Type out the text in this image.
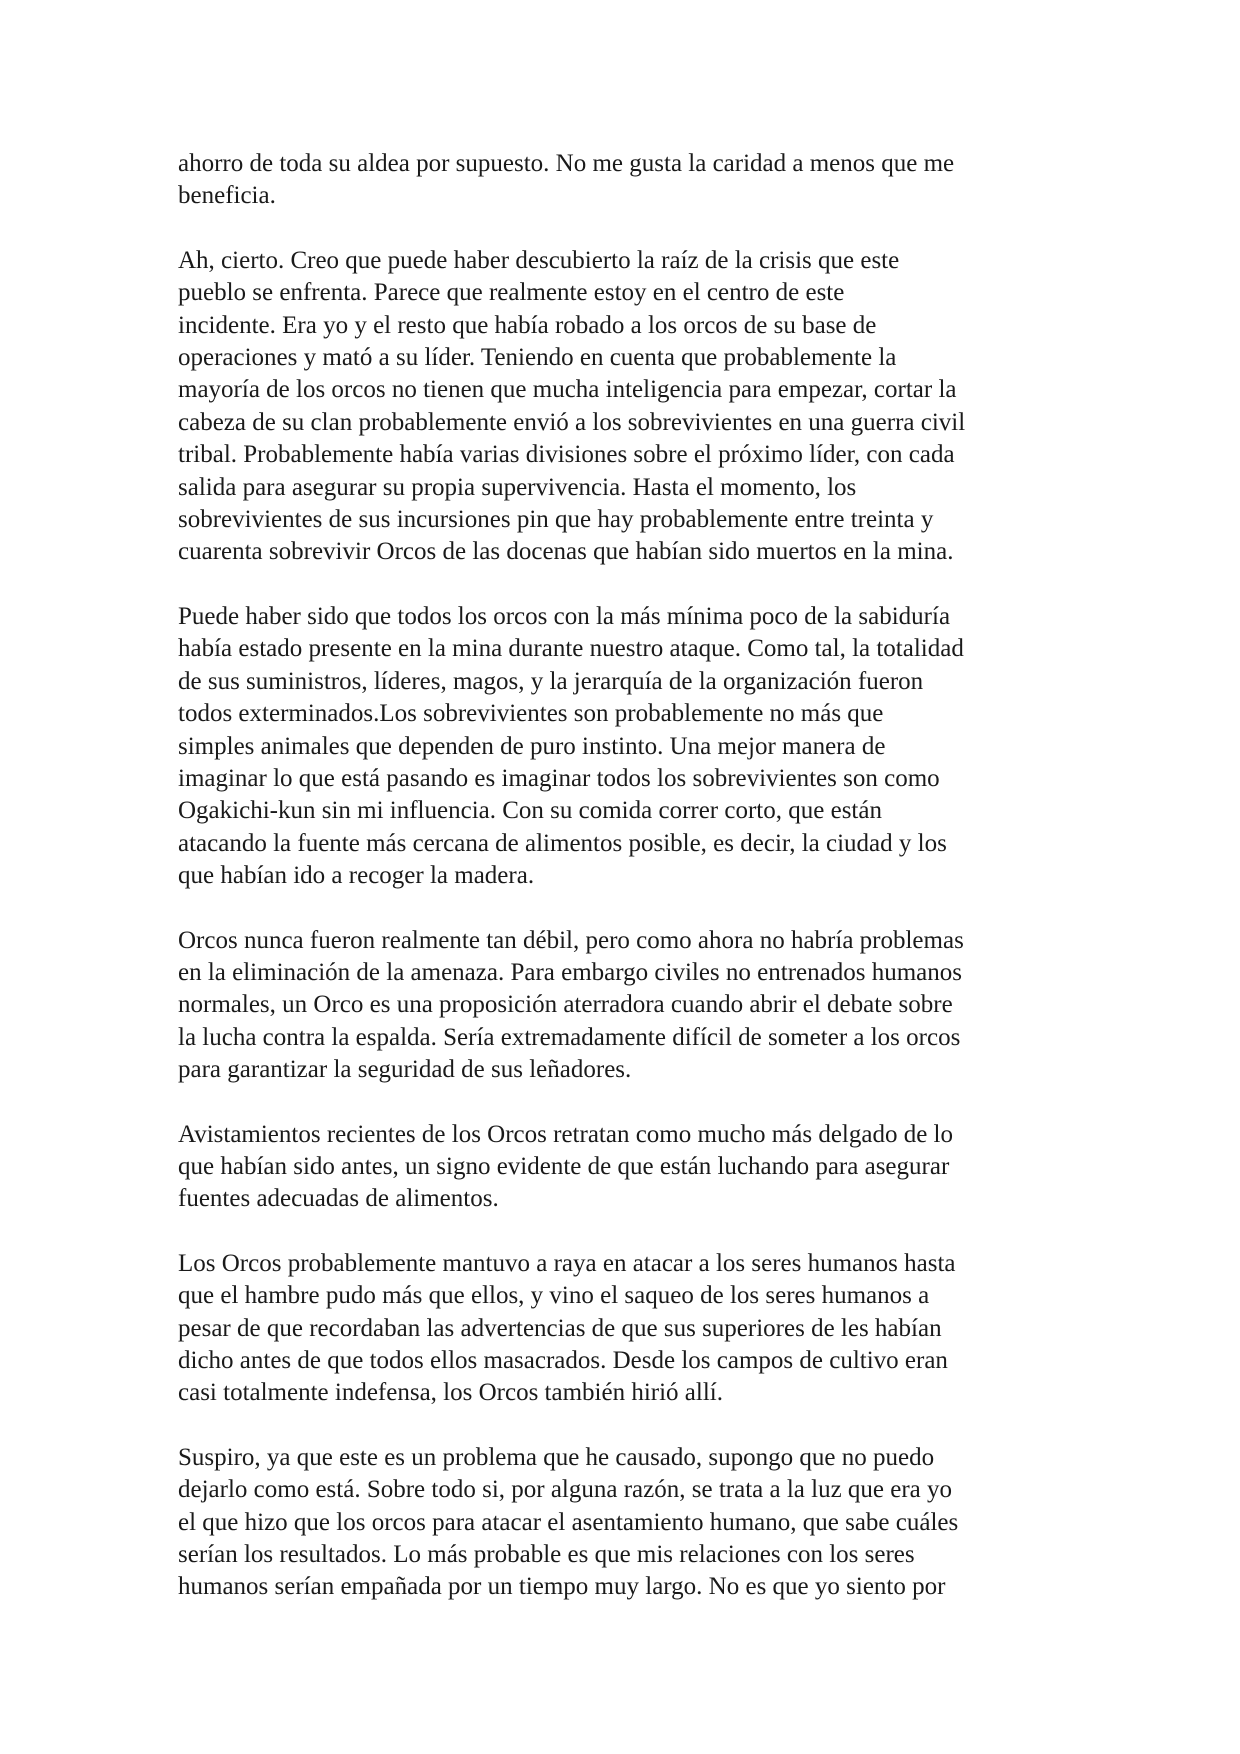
ahorro de toda su aldea por supuesto. No me gusta la caridad a menos que me
beneficia.

Ah, cierto. Creo que puede haber descubierto la raíz de la crisis que este
pueblo se enfrenta. Parece que realmente estoy en el centro de este
incidente. Era yo y el resto que había robado a los orcos de su base de
operaciones y mató a su líder. Teniendo en cuenta que probablemente la
mayoría de los orcos no tienen que mucha inteligencia para empezar, cortar la
cabeza de su clan probablemente envió a los sobrevivientes en una guerra civil
tribal. Probablemente había varias divisiones sobre el próximo líder, con cada
salida para asegurar su propia supervivencia. Hasta el momento, los
sobrevivientes de sus incursiones pin que hay probablemente entre treinta y
cuarenta sobrevivir Orcos de las docenas que habían sido muertos en la mina.

Puede haber sido que todos los orcos con la más mínima poco de la sabiduría
había estado presente en la mina durante nuestro ataque. Como tal, la totalidad
de sus suministros, líderes, magos, y la jerarquía de la organización fueron
todos exterminados.Los sobrevivientes son probablemente no más que
simples animales que dependen de puro instinto. Una mejor manera de
imaginar lo que está pasando es imaginar todos los sobrevivientes son como
Ogakichi-kun sin mi influencia. Con su comida correr corto, que están
atacando la fuente más cercana de alimentos posible, es decir, la ciudad y los
que habían ido a recoger la madera.

Orcos nunca fueron realmente tan débil, pero como ahora no habría problemas
en la eliminación de la amenaza. Para embargo civiles no entrenados humanos
normales, un Orco es una proposición aterradora cuando abrir el debate sobre
la lucha contra la espalda. Sería extremadamente difícil de someter a los orcos
para garantizar la seguridad de sus leñadores.

Avistamientos recientes de los Orcos retratan como mucho más delgado de lo
que habían sido antes, un signo evidente de que están luchando para asegurar
fuentes adecuadas de alimentos.

Los Orcos probablemente mantuvo a raya en atacar a los seres humanos hasta
que el hambre pudo más que ellos, y vino el saqueo de los seres humanos a
pesar de que recordaban las advertencias de que sus superiores de les habían
dicho antes de que todos ellos masacrados. Desde los campos de cultivo eran
casi totalmente indefensa, los Orcos también hirió allí.

Suspiro, ya que este es un problema que he causado, supongo que no puedo
dejarlo como está. Sobre todo si, por alguna razón, se trata a la luz que era yo
el que hizo que los orcos para atacar el asentamiento humano, que sabe cuáles
serían los resultados. Lo más probable es que mis relaciones con los seres
humanos serían empañada por un tiempo muy largo. No es que yo siento por
